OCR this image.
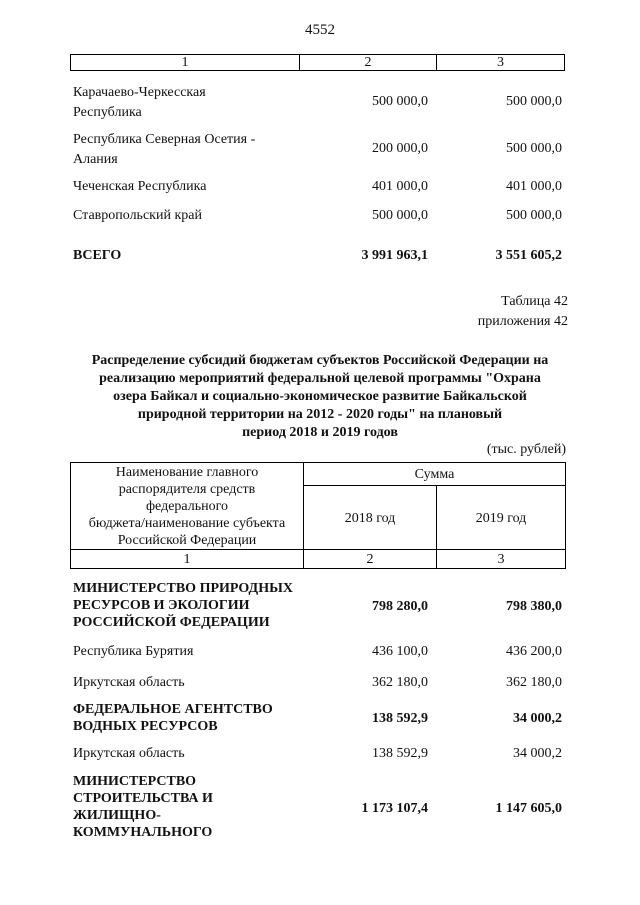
4552
1	2	3
Карачаево-Черкесская
Республика
500 000,0	500 000,0
Республика Северная Осетия -
Алания
200 000,0	500 000,0
Чеченская Республика	401 000,0	401 000,0
Ставропольский край	500 000,0	500 000,0
ВСЕГО	3 991 963,1	3 551 605,2
Таблица 42
приложения 42
Распределение субсидий бюджетам субъектов Российской Федерации на
реализацию мероприятий федеральной целевой программы "Охрана
озера Байкал и социально-экономическое развитие Байкальской
природной территории на 2012 - 2020 годы" на плановый
период 2018 и 2019 годов
(тыс. рублей)
Наименование главного
распорядителя средств
федерального
бюджета/наименование субъекта
Российской Федерации
Сумма
2018 год	2019 год
1	2	3
МИНИСТЕРСТВО ПРИРОДНЫХ
РЕСУРСОВ И ЭКОЛОГИИ
РОССИЙСКОЙ ФЕДЕРАЦИИ
798 280,0	798 380,0
Республика Бурятия	436 100,0	436 200,0
Иркутская область	362 180,0	362 180,0
ФЕДЕРАЛЬНОЕ АГЕНТСТВО
ВОДНЫХ РЕСУРСОВ
138 592,9	34 000,2
Иркутская область	138 592,9	34 000,2
МИНИСТЕРСТВО
СТРОИТЕЛЬСТВА И
ЖИЛИЩНО-
КОММУНАЛЬНОГО
1 173 107,4	1 147 605,0
